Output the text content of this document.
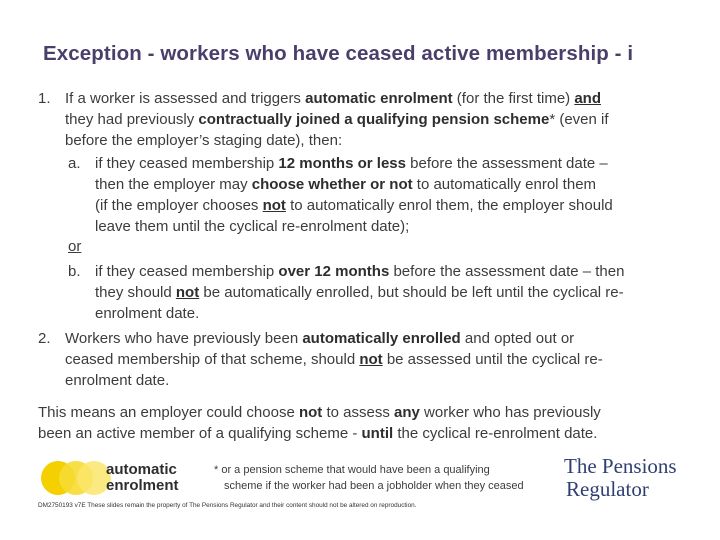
Exception - workers who have ceased active membership - i
1. If a worker is assessed and triggers automatic enrolment (for the first time) and
they had previously contractually joined a qualifying pension scheme* (even if
before the employer’s staging date), then:
a. if they ceased membership 12 months or less before the assessment date –
then the employer may choose whether or not to automatically enrol them
(if the employer chooses not to automatically enrol them, the employer should
leave them until the cyclical re-enrolment date);
or
b. if they ceased membership over 12 months before the assessment date – then
they should not be automatically enrolled, but should be left until the cyclical re-
enrolment date.
2. Workers who have previously been automatically enrolled and opted out or
ceased membership of that scheme, should not be assessed until the cyclical re-
enrolment date.
This means an employer could choose not to assess any worker who has previously
been an active member of a qualifying scheme - until the cyclical re-enrolment date.
automatic
enrolment
* or a pension scheme that would have been a qualifying
scheme if the worker had been a jobholder when they ceased
The Pensions
Regulator
DM2750193 v7E These slides remain the property of The Pensions Regulator and their content should not be altered on reproduction.
